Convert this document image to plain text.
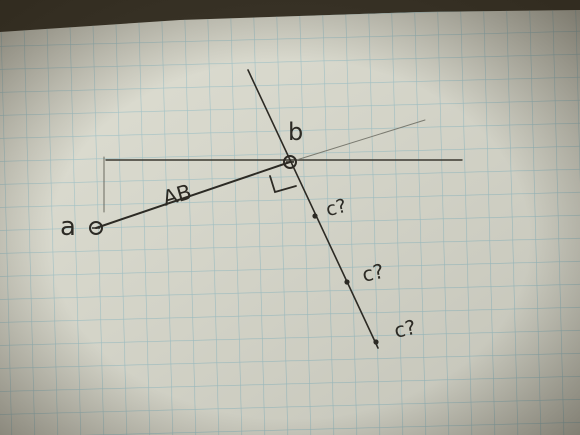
a
b
AB	c?
c?
c?
